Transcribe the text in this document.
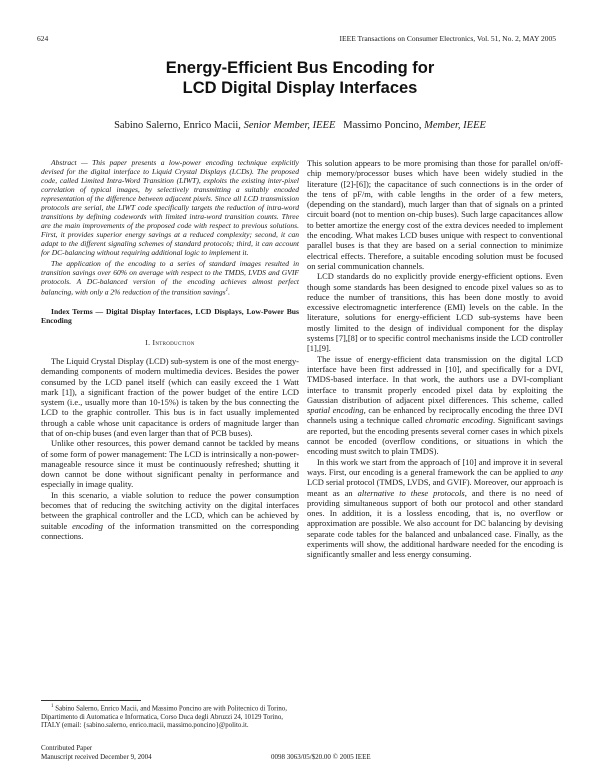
624	IEEE Transactions on Consumer Electronics, Vol. 51, No. 2, MAY 2005
Energy-Efficient Bus Encoding for
LCD Digital Display Interfaces
Sabino Salerno, Enrico Macii, Senior Member, IEEE Massimo Poncino, Member, IEEE

Abstract — This paper presents a low-power encoding technique explicitly devised for the digital interface to Liquid Crystal Displays (LCDs). The proposed code, called Limited Intra-Word Transition (LIWT), exploits the existing inter-pixel correlation of typical images, by selectively transmitting a suitably encoded representation of the difference between adjacent pixels. Since all LCD transmission protocols are serial, the LIWT code specifically targets the reduction of intra-word transitions by defining codewords with limited intra-word transition counts. Three are the main improvements of the proposed code with respect to previous solutions. First, it provides superior energy savings at a reduced complexity; second, it can adapt to the different signaling schemes of standard protocols; third, it can account for DC-balancing without requiring additional logic to implement it.

The application of the encoding to a series of standard images resulted in transition savings over 60% on average with respect to the TMDS, LVDS and GVIF protocols. A DC-balanced version of the encoding achieves almost perfect balancing, with only a 2% reduction of the transition savings$^1$.

Index Terms — Digital Display Interfaces, LCD Displays, Low-Power Bus Encoding
I. Introduction

The Liquid Crystal Display (LCD) sub-system is one of the most energy-demanding components of modern multimedia devices. Besides the power consumed by the LCD panel itself (which can easily exceed the 1 Watt mark [1]), a significant fraction of the power budget of the entire LCD system (i.e., usually more than 10-15%) is taken by the bus connecting the LCD to the graphic controller. This bus is in fact usually implemented through a cable whose unit capacitance is orders of magnitude larger than that of on-chip buses (and even larger than that of PCB buses).

Unlike other resources, this power demand cannot be tackled by means of some form of power management: The LCD is intrinsically a non-power-manageable resource since it must be continuously refreshed; shutting it down cannot be done without significant penalty in performance and especially in image quality.

In this scenario, a viable solution to reduce the power consumption becomes that of reducing the switching activity on the digital interfaces between the graphical controller and the LCD, which can be achieved by suitable encoding of the information transmitted on the corresponding connections.

This solution appears to be more promising than those for parallel on/off-chip memory/processor buses which have been widely studied in the literature ([2]-[6]); the capacitance of such connections is in the order of the tens of pF/m, with cable lengths in the order of a few meters, (depending on the standard), much larger than that of signals on a printed circuit board (not to mention on-chip buses). Such large capacitances allow to better amortize the energy cost of the extra devices needed to implement the encoding. What makes LCD buses unique with respect to conventional parallel buses is that they are based on a serial connection to minimize electrical effects. Therefore, a suitable encoding solution must be focused on serial communication channels.

LCD standards do no explicitly provide energy-efficient options. Even though some standards has been designed to encode pixel values so as to reduce the number of transitions, this has been done mostly to avoid excessive electromagnetic interference (EMI) levels on the cable. In the literature, solutions for energy-efficient LCD sub-systems have been mostly limited to the design of individual component for the display systems [7],[8] or to specific control mechanisms inside the LCD controller [1],[9].

The issue of energy-efficient data transmission on the digital LCD interface have been first addressed in [10], and specifically for a DVI, TMDS-based interface. In that work, the authors use a DVI-compliant interface to transmit properly encoded pixel data by exploiting the Gaussian distribution of adjacent pixel differences. This scheme, called spatial encoding, can be enhanced by reciprocally encoding the three DVI channels using a technique called chromatic encoding. Significant savings are reported, but the encoding presents several corner cases in which pixels cannot be encoded (overflow conditions, or situations in which the encoding must switch to plain TMDS).

In this work we start from the approach of [10] and improve it in several ways. First, our encoding is a general framework the can be applied to any LCD serial protocol (TMDS, LVDS, and GVIF). Moreover, our approach is meant as an alternative to these protocols, and there is no need of providing simultaneous support of both our protocol and other standard ones. In addition, it is a lossless encoding, that is, no overflow or approximation are possible. We also account for DC balancing by devising separate code tables for the balanced and unbalanced case. Finally, as the experiments will show, the additional hardware needed for the encoding is significantly smaller and less energy consuming.

$^1$ Sabino Salerno, Enrico Macii, and Massimo Poncino are with Politecnico di Torino, Dipartimento di Automatica e Informatica, Corso Duca degli Abruzzi 24, 10129 Torino, ITALY (email: {sabino.salerno, enrico.macii, massimo.poncino}@polito.it.

Contributed Paper
Manuscript received December 9, 2004	0098 3063/05/$20.00 © 2005 IEEE
